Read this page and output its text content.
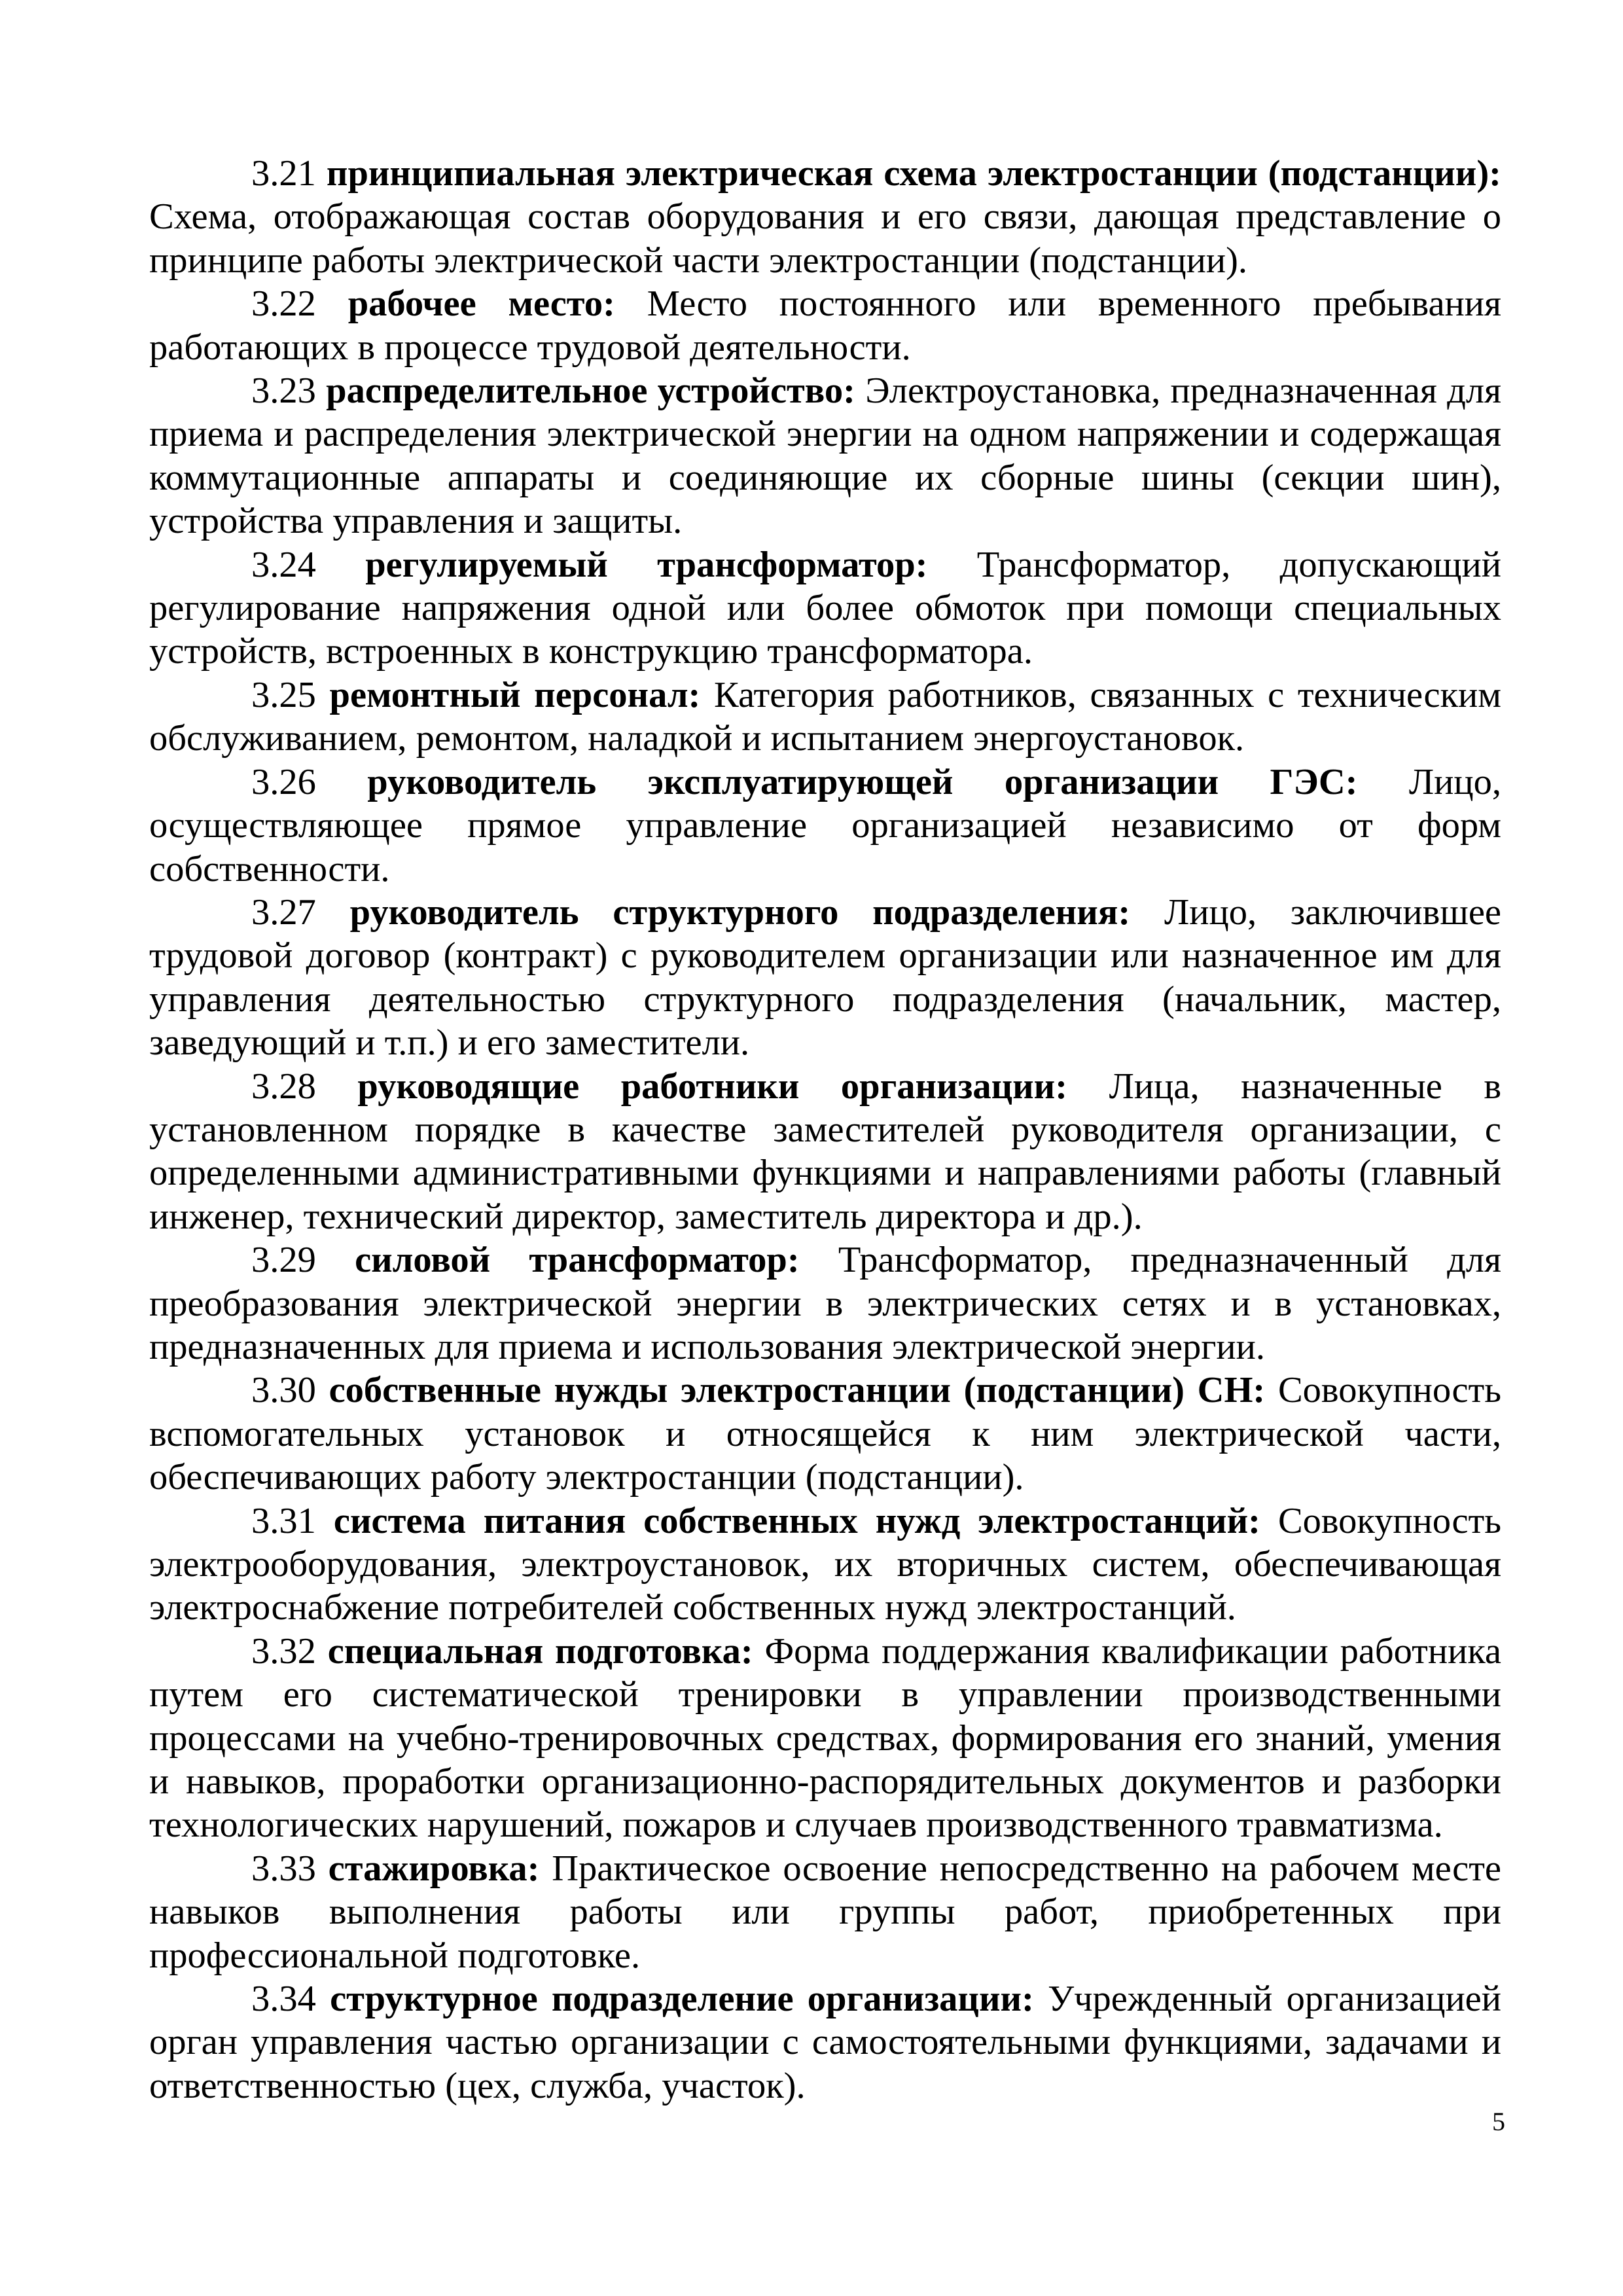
3.21 принципиальная электрическая схема электростанции (подстанции): Схема, отображающая состав оборудования и его связи, дающая представление о принципе работы электрической части электростанции (подстанции).

3.22 рабочее место: Место постоянного или временного пребывания работающих в процессе трудовой деятельности.

3.23 распределительное устройство: Электроустановка, предназначенная для приема и распределения электрической энергии на одном напряжении и содержащая коммутационные аппараты и соединяющие их сборные шины (секции шин), устройства управления и защиты.

3.24 регулируемый трансформатор: Трансформатор, допускающий регулирование напряжения одной или более обмоток при помощи специальных устройств, встроенных в конструкцию трансформатора.

3.25 ремонтный персонал: Категория работников, связанных с техническим обслуживанием, ремонтом, наладкой и испытанием энергоустановок.

3.26 руководитель эксплуатирующей организации ГЭС: Лицо, осуществляющее прямое управление организацией независимо от форм собственности.

3.27 руководитель структурного подразделения: Лицо, заключившее трудовой договор (контракт) с руководителем организации или назначенное им для управления деятельностью структурного подразделения (начальник, мастер, заведующий и т.п.) и его заместители.

3.28 руководящие работники организации: Лица, назначенные в установленном порядке в качестве заместителей руководителя организации, с определенными административными функциями и направлениями работы (главный инженер, технический директор, заместитель директора и др.).

3.29 силовой трансформатор: Трансформатор, предназначенный для преобразования электрической энергии в электрических сетях и в установках, предназначенных для приема и использования электрической энергии.

3.30 собственные нужды электростанции (подстанции) СН: Совокупность вспомогательных установок и относящейся к ним электрической части, обеспечивающих работу электростанции (подстанции).

3.31 система питания собственных нужд электростанций: Совокупность электрооборудования, электроустановок, их вторичных систем, обеспечивающая электроснабжение потребителей собственных нужд электростанций.

3.32 специальная подготовка: Форма поддержания квалификации работника путем его систематической тренировки в управлении производственными процессами на учебно-тренировочных средствах, формирования его знаний, умения и навыков, проработки организационно-распорядительных документов и разборки технологических нарушений, пожаров и случаев производственного травматизма.

3.33 стажировка: Практическое освоение непосредственно на рабочем месте навыков выполнения работы или группы работ, приобретенных при профессиональной подготовке.

3.34 структурное подразделение организации: Учрежденный организацией орган управления частью организации с самостоятельными функциями, задачами и ответственностью (цех, служба, участок).

5
